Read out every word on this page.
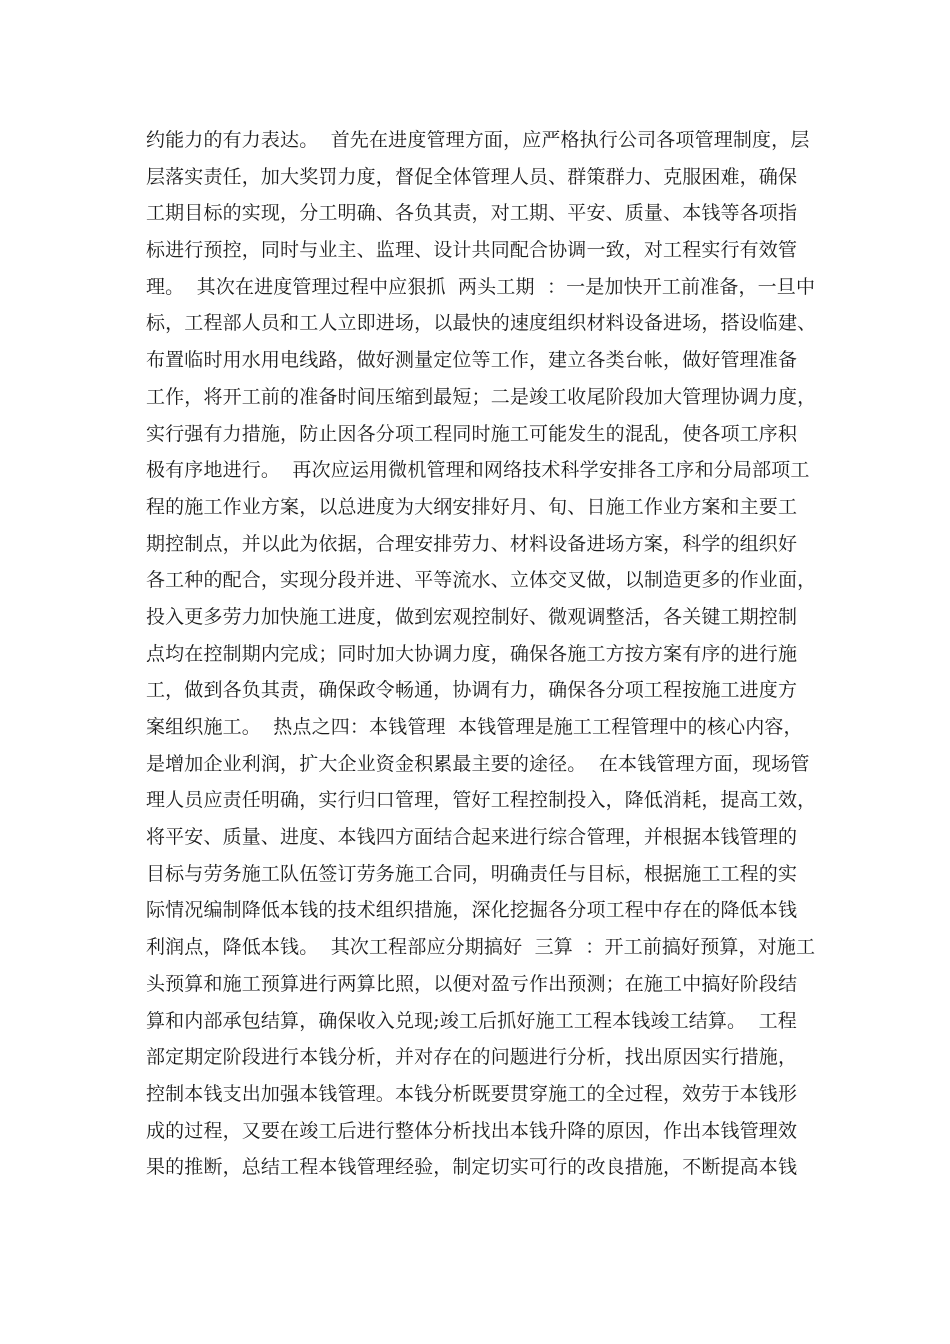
约能力的有力表达。  首先在进度管理方面，应严格执行公司各项管理制度，层
层落实责任，加大奖罚力度，督促全体管理人员、群策群力、克服困难，确保
工期目标的实现，分工明确、各负其责，对工期、平安、质量、本钱等各项指
标进行预控，同时与业主、监理、设计共同配合协调一致，对工程实行有效管
理。  其次在进度管理过程中应狠抓  两头工期  ：一是加快开工前准备，一旦中
标，工程部人员和工人立即进场，以最快的速度组织材料设备进场，搭设临建、
布置临时用水用电线路，做好测量定位等工作，建立各类台帐，做好管理准备
工作，将开工前的准备时间压缩到最短；二是竣工收尾阶段加大管理协调力度，
实行强有力措施，防止因各分项工程同时施工可能发生的混乱，使各项工序积
极有序地进行。  再次应运用微机管理和网络技术科学安排各工序和分局部项工
程的施工作业方案，以总进度为大纲安排好月、旬、日施工作业方案和主要工
期控制点，并以此为依据，合理安排劳力、材料设备进场方案，科学的组织好
各工种的配合，实现分段并进、平等流水、立体交叉做，以制造更多的作业面，
投入更多劳力加快施工进度，做到宏观控制好、微观调整活，各关键工期控制
点均在控制期内完成；同时加大协调力度，确保各施工方按方案有序的进行施
工，做到各负其责，确保政令畅通，协调有力，确保各分项工程按施工进度方
案组织施工。  热点之四：本钱管理  本钱管理是施工工程管理中的核心内容，
是增加企业利润，扩大企业资金积累最主要的途径。  在本钱管理方面，现场管
理人员应责任明确，实行归口管理，管好工程控制投入，降低消耗，提高工效，
将平安、质量、进度、本钱四方面结合起来进行综合管理，并根据本钱管理的
目标与劳务施工队伍签订劳务施工合同，明确责任与目标，根据施工工程的实
际情况编制降低本钱的技术组织措施，深化挖掘各分项工程中存在的降低本钱
利润点，降低本钱。  其次工程部应分期搞好  三算  ：开工前搞好预算，对施工
头预算和施工预算进行两算比照，以便对盈亏作出预测；在施工中搞好阶段结
算和内部承包结算，确保收入兑现;竣工后抓好施工工程本钱竣工结算。  工程
部定期定阶段进行本钱分析，并对存在的问题进行分析，找出原因实行措施，
控制本钱支出加强本钱管理。本钱分析既要贯穿施工的全过程，效劳于本钱形
成的过程，又要在竣工后进行整体分析找出本钱升降的原因，作出本钱管理效
果的推断，总结工程本钱管理经验，制定切实可行的改良措施，不断提高本钱
